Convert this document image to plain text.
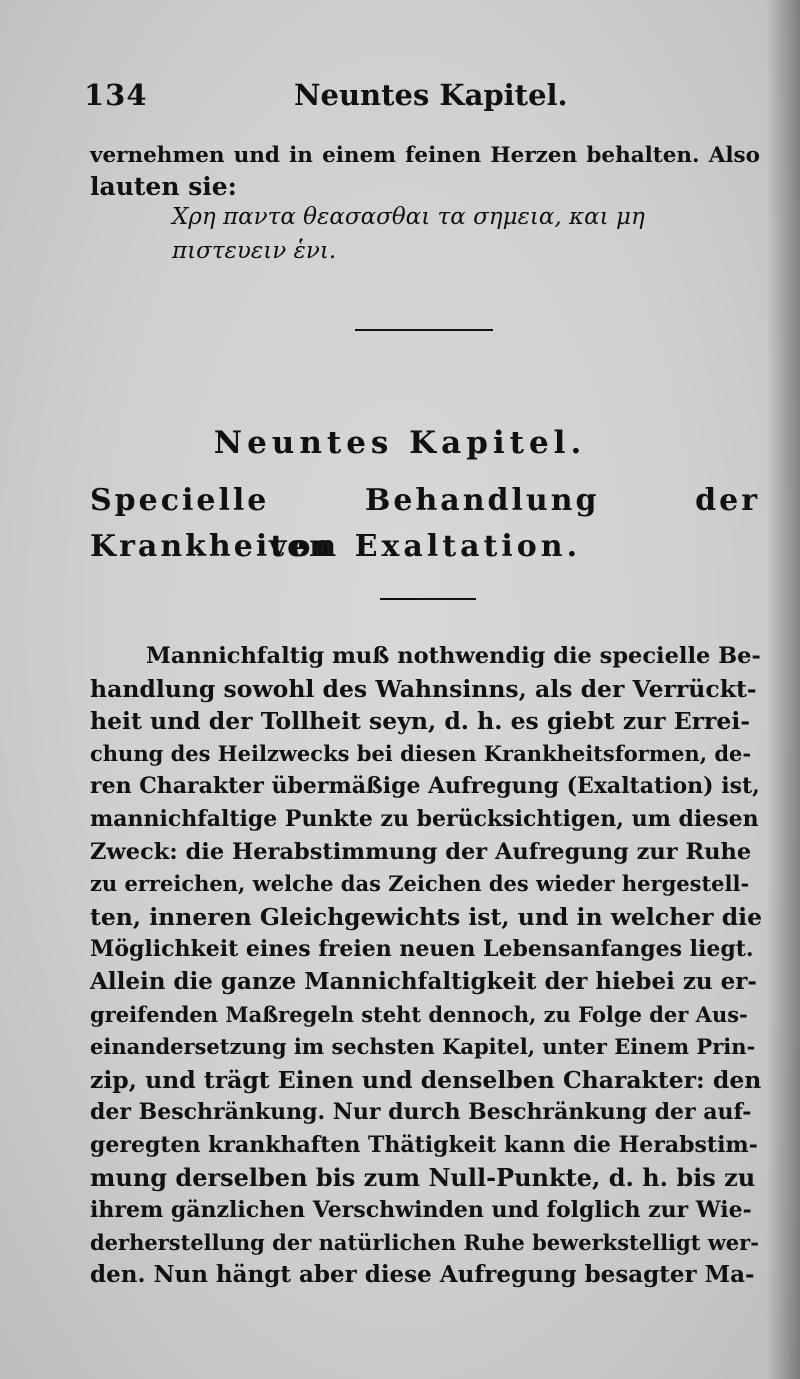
134	Neuntes Kapitel.
vernehmen und in einem feinen Herzen behalten. Also
lauten sie:
Χρη παντα θεασασθαι τα σημεια, και μη
πιστευειν ἑνι.
Neuntes Kapitel.
Specielle Behandlung der Krankheiten
von Exaltation.
Mannichfaltig muß nothwendig die specielle Be-
handlung sowohl des Wahnsinns, als der Verrückt-
heit und der Tollheit seyn, d. h. es giebt zur Errei-
chung des Heilzwecks bei diesen Krankheitsformen, de-
ren Charakter übermäßige Aufregung (Exaltation) ist,
mannichfaltige Punkte zu berücksichtigen, um diesen
Zweck: die Herabstimmung der Aufregung zur Ruhe
zu erreichen, welche das Zeichen des wieder hergestell-
ten, inneren Gleichgewichts ist, und in welcher die
Möglichkeit eines freien neuen Lebensanfanges liegt.
Allein die ganze Mannichfaltigkeit der hiebei zu er-
greifenden Maßregeln steht dennoch, zu Folge der Aus-
einandersetzung im sechsten Kapitel, unter Einem Prin-
zip, und trägt Einen und denselben Charakter: den
der Beschränkung. Nur durch Beschränkung der auf-
geregten krankhaften Thätigkeit kann die Herabstim-
mung derselben bis zum Null-Punkte, d. h. bis zu
ihrem gänzlichen Verschwinden und folglich zur Wie-
derherstellung der natürlichen Ruhe bewerkstelligt wer-
den. Nun hängt aber diese Aufregung besagter Ma-
